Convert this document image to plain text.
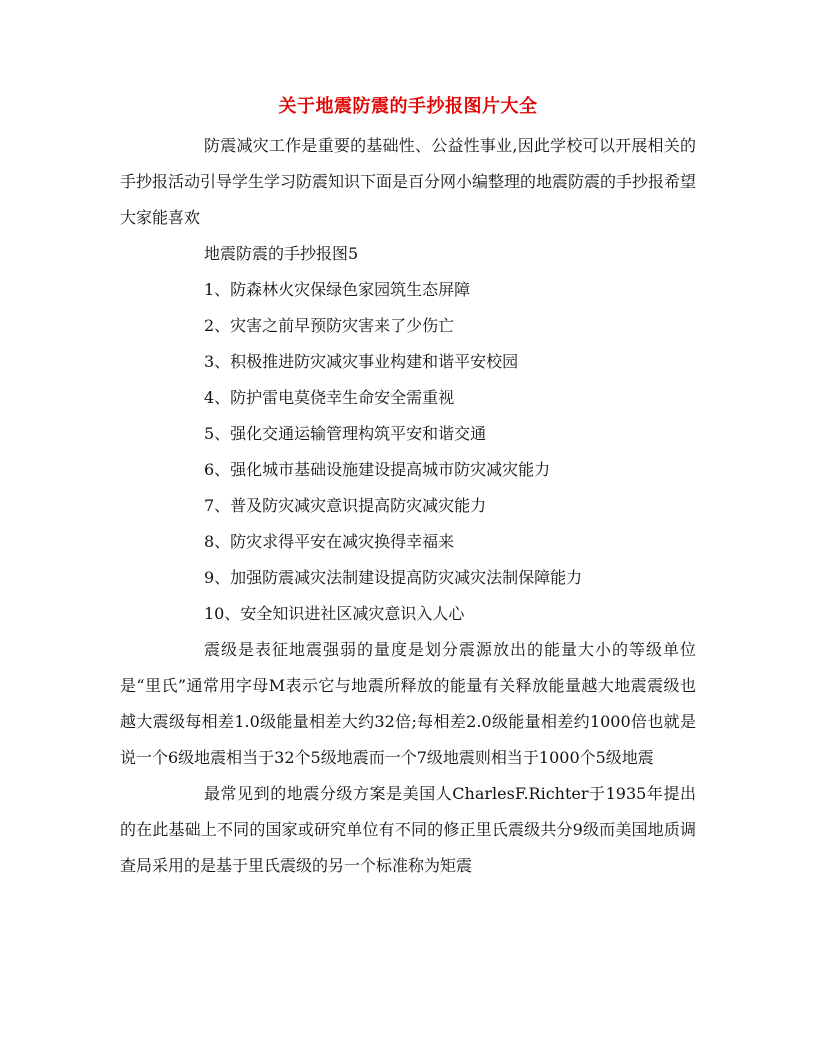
关于地震防震的手抄报图片大全

防震减灾工作是重要的基础性、公益性事业,因此学校可以开展相关的手抄报活动引导学生学习防震知识下面是百分网小编整理的地震防震的手抄报希望大家能喜欢

地震防震的手抄报图5
1、防森林火灾保绿色家园筑生态屏障
2、灾害之前早预防灾害来了少伤亡
3、积极推进防灾减灾事业构建和谐平安校园
4、防护雷电莫侥幸生命安全需重视
5、强化交通运输管理构筑平安和谐交通
6、强化城市基础设施建设提高城市防灾减灾能力
7、普及防灾减灾意识提高防灾减灾能力
8、防灾求得平安在减灾换得幸福来
9、加强防震减灾法制建设提高防灾减灾法制保障能力
10、安全知识进社区减灾意识入人心

震级是表征地震强弱的量度是划分震源放出的能量大小的等级单位是“里氏”通常用字母M表示它与地震所释放的能量有关释放能量越大地震震级也越大震级每相差1.0级能量相差大约32倍;每相差2.0级能量相差约1000倍也就是说一个6级地震相当于32个5级地震而一个7级地震则相当于1000个5级地震

最常见到的地震分级方案是美国人CharlesF.Richter于1935年提出的在此基础上不同的国家或研究单位有不同的修正里氏震级共分9级而美国地质调查局采用的是基于里氏震级的另一个标准称为矩震
